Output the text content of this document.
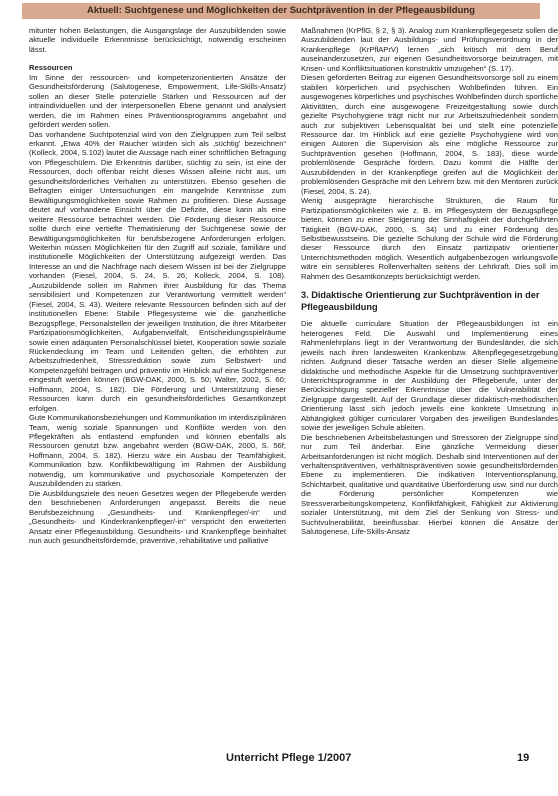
Aktuell: Suchtgenese und Möglichkeiten der Suchtprävention in der Pflegeausbildung

mitunter hohen Belastungen, die Ausgangslage der Auszubildenden sowie aktuelle individuelle Erkenntnisse berücksichtigt, notwendig erscheinen lässt.

Ressourcen

Im Sinne der ressourcen- und kompetenzorientierten Ansätze der Gesundheitsförderung (Salutogenese, Empowerment, Life-Skills-Ansatz) sollen an dieser Stelle potenzielle Stärken und Ressourcen auf der intraindividuellen und der interpersonellen Ebene genannt und analysiert werden, die im Rahmen eines Präventionsprogramms angebahnt und gefördert werden sollen.

Das vorhandene Suchtpotenzial wird von den Zielgruppen zum Teil selbst erkannt. „Etwa 40% der Raucher würden sich als ‚süchtig' bezeichnen“ (Kolleck, 2004, S.102) lautet die Aussage nach einer schriftlichen Befragung von Pflegeschülern. Die Erkenntnis darüber, süchtig zu sein, ist eine der Ressourcen, doch offenbar reicht dieses Wissen alleine nicht aus, um gesundheitsförderliches Verhalten zu unterstützen. Ebenso gesehen die Befragten einiger Untersuchungen ein mangelnde Kenntnisse zum Bewältigungsmöglichkeiten sowie Rahmen zu profitieren. Diese Aussage deutet auf vorhandene Einsicht über die Defizite, diese kann als eine weitere Ressource betrachtet werden. Die Förderung dieser Ressource sollte durch eine vertiefte Thematisierung der Suchtgenese sowie der Bewältigungsmöglichkeiten für berufsbezogene Anforderungen erfolgen. Weiterhin müssen Möglichkeiten für den Zugriff auf soziale, familiäre und institutionelle Möglichkeiten der Unterstützung aufgezeigt werden. Das Interesse an und die Nachfrage nach diesem Wissen ist bei der Zielgruppe vorhanden (Fiesel, 2004, S. 24, S. 26; Kolleck, 2004, S. 108). „Auszubildende sollen im Rahmen ihrer Ausbildung für das Thema sensibilisiert und Kompetenzen zur Verantwortung vermittelt werden“ (Fiesel, 2004, S. 43). Weitere relevante Ressourcen befinden sich auf der institutionellen Ebene: Stabile Pflegesysteme wie die ganzheitliche Bezugspflege, Personalstellen der jeweiligen Institution, die ihrer Mitarbeiter Partizipationsmöglichkeiten, Aufgabenvielfalt, Entscheidungsspielräume sowie einen adäquaten Personalschlüssel bietet, Kooperation sowie soziale Rückendeckung im Team und Leitenden gelten, die erhöhten zur Arbeitszufriedenheit, Stressreduktion sowie zum Selbstwert- und Kompetenzgefühl beitragen und präventiv im Hinblick auf eine Suchtgenese eingestuft werden können (BGW-DAK, 2000, S. 50; Walter, 2002, S. 60; Hoffmann, 2004, S. 182). Die Förderung und Unterstützung dieser Ressourcen kann durch ein gesundheitsförderliches Gesamtkonzept erfolgen.

Gute Kommunikationsbeziehungen und Kommunikation im interdisziplinären Team, wenig soziale Spannungen und Konflikte werden von den Pflegekräften als entlastend empfunden und können ebenfalls als Ressourcen genutzt bzw. angebahnt werden (BGW-DAK, 2000, S. 56f; Hoffmann, 2004, S. 182). Hierzu wäre ein Ausbau der Teamfähigkeit, Kommunikation bzw. Konfliktbewältigung im Rahmen der Ausbildung notwendig, um kommunikative und psychosoziale Kompetenzen der Auszubildenden zu stärken.

Die Ausbildungsziele des neuen Gesetzes wegen der Pflegeberufe werden den beschriebenen Anforderungen angepasst. Bereits die neue Berufsbezeichnung „Gesundheits- und Krankenpfleger/-in“ und „Gesundheits- und Kinderkrankenpfleger/-in“ verspricht den erweiterten Ansatz einer Pflegeausbildung. Gesundheits- und Krankenpflege beinhaltet nun auch gesundheitsfördernde, präventive, rehabilitative und palliative

Maßnahmen (KrPflG, § 2, § 3). Analog zum Krankenpflegegesetz sollen die Auszubildenden laut der Ausbildungs- und Prüfungsverordnung in der Krankenpflege (KrPflAPrV) lernen „sich kritisch mit dem Beruf auseinanderzusetzen, zur eigenen Gesundheitsvorsorge beizutragen, mit Krisen- und Konfliktsituationen konstruktiv umzugehen“ (S. 17).

Diesen geforderten Beitrag zur eigenen Gesundheitsvorsorge soll zu einem stabilen körperlichen und psychischen Wohlbefinden führen. Ein ausgewogenes körperliches und psychisches Wohlbefinden durch sportliche Aktivitäten, durch eine ausgewogene Freizeitgestaltung sowie durch gezielte Psychohygiene trägt nicht nur zur Arbeitszufriedenheit sondern auch zur subjektiven Lebensqualität bei und stellt eine potenzielle Ressource dar. Im Hinblick auf eine gezielte Psychohygiene wird von einigen Autoren die Supervision als eine mögliche Ressource zur Suchtprävention gesehen (Hoffmann, 2004, S. 183), diese wurde problemlösende Gespräche fördern. Dazu kommt die Hälfte der Auszubildenden in der Krankenpflege greifen auf die Möglichkeit der problemlösenden Gespräche mit den Lehrern bzw. mit den Mentoren zurück (Fiesel, 2004, S. 24).

Wenig ausgeprägte hierarchische Strukturen, die Raum für Partizipationsmöglichkeiten wie z. B. im Pflegesystem der Bezugspflege bieten, können zu einer Steigerung der Sinnhaftigkeit der durchgeführten Tätigkeit (BGW-DAK, 2000, S. 34) und zu einer Förderung des Selbstbewusstseins. Die gezielte Schulung der Schule wird die Förderung dieser Ressource durch den Einsatz partizipativ orientierter Unterrichtsmethoden möglich. Wesentlich aufgabenbezogen wirkungsvolle wäre ein sensibleres Rollenverhalten seitens der Lehrkraft. Dies soll im Rahmen des Gesamtkonzepts berücksichtigt werden.

3. Didaktische Orientierung zur Suchtprävention in der Pflegeausbildung

Die aktuelle curriculare Situation der Pflegeausbildungen ist ein heterogenes Feld. Die Auswahl und Implementierung eines Rahmenlehrplans liegt in der Verantwortung der Bundesländer, die sich jeweils nach ihren landesweiten Krankenbzw. Altenpflegegesetzgebung richten. Aufgrund dieser Tatsache werden an dieser Stelle allgemeine didaktische und methodische Aspekte für die Umsetzung suchtpräventiver Unterrichtsprogramme in der Ausbildung der Pflegeberufe, unter der Berücksichtigung spezieller Erkenntnisse über die Vulnerabilität der Zielgruppe dargestellt. Auf der Grundlage dieser didaktisch-methodischen Orientierung lässt sich jedoch jeweils eine konkrete Umsetzung in Abhängigkeit gültiger curricularer Vorgaben des jeweiligen Bundeslandes sowie der jeweiligen Schule ableiten.

Die beschriebenen Arbeitsbelastungen und Stressoren der Zielgruppe sind nur zum Teil änderbar. Eine gänzliche Vermeidung dieser Arbeitsanforderungen ist nicht möglich. Deshalb sind Interventionen auf der verhaltenspräventiven, verhältnispräventiven sowie gesundheitsfördernden Ebene zu implementieren. Die indikativen Interventionsplanung, Schichtarbeit, qualitative und quantitative Überforderung usw. sind nur durch die Förderung persönlicher Kompetenzen wie Stressverarbeitungskompetenz, Konfliktfähigkeit, Fähigkeit zur Aktivierung sozialer Unterstützung, mit dem Ziel der Senkung von Stress- und Suchtvulnerabilität, beeinflussbar. Hierbei können die Ansätze der Salutogenese, Life-Skills-Ansatz

Unterricht Pflege 1/2007	19
